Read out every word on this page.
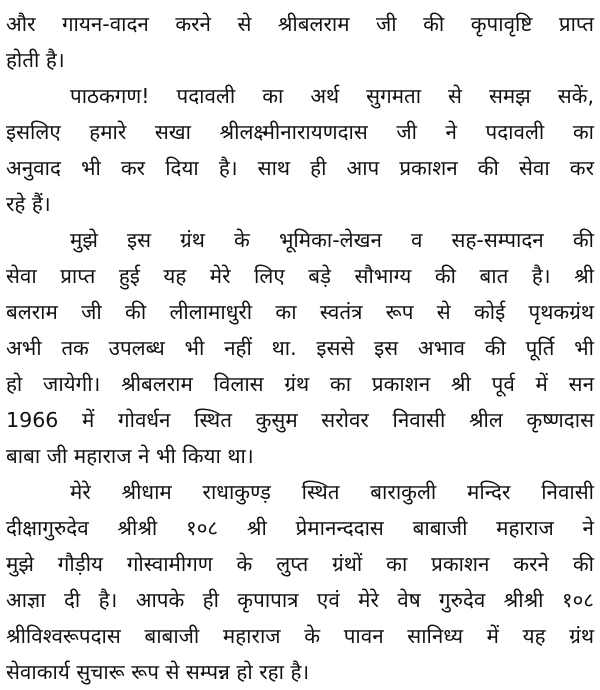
और गायन-वादन करने से श्रीबलराम जी की कृपावृष्टि प्राप्त
होती है।
पाठकगण! पदावली का अर्थ सुगमता से समझ सकें,
इसलिए हमारे सखा श्रीलक्ष्मीनारायणदास जी ने पदावली का
अनुवाद भी कर दिया है। साथ ही आप प्रकाशन की सेवा कर
रहे हैं।
मुझे इस ग्रंथ के भूमिका-लेखन व सह-सम्पादन की
सेवा प्राप्त हुई यह मेरे लिए बड़े सौभाग्य की बात है। श्री
बलराम जी की लीलामाधुरी का स्वतंत्र रूप से कोई पृथकग्रंथ
अभी तक उपलब्ध भी नहीं था. इससे इस अभाव की पूर्ति भी
हो जायेगी। श्रीबलराम विलास ग्रंथ का प्रकाशन श्री पूर्व में सन
1966 में गोवर्धन स्थित कुसुम सरोवर निवासी श्रील कृष्णदास
बाबा जी महाराज ने भी किया था।
मेरे श्रीधाम राधाकुण्ड़ स्थित बाराकुली मन्दिर निवासी
दीक्षागुरुदेव श्रीश्री १०८ श्री प्रेमानन्ददास बाबाजी महाराज ने
मुझे गौड़ीय गोस्वामीगण के लुप्त ग्रंथों का प्रकाशन करने की
आज्ञा दी है। आपके ही कृपापात्र एवं मेरे वेष गुरुदेव श्रीश्री १०८
श्रीविश्वरूपदास बाबाजी महाराज के पावन सानिध्य में यह ग्रंथ
सेवाकार्य सुचारू रूप से सम्पन्न हो रहा है।
